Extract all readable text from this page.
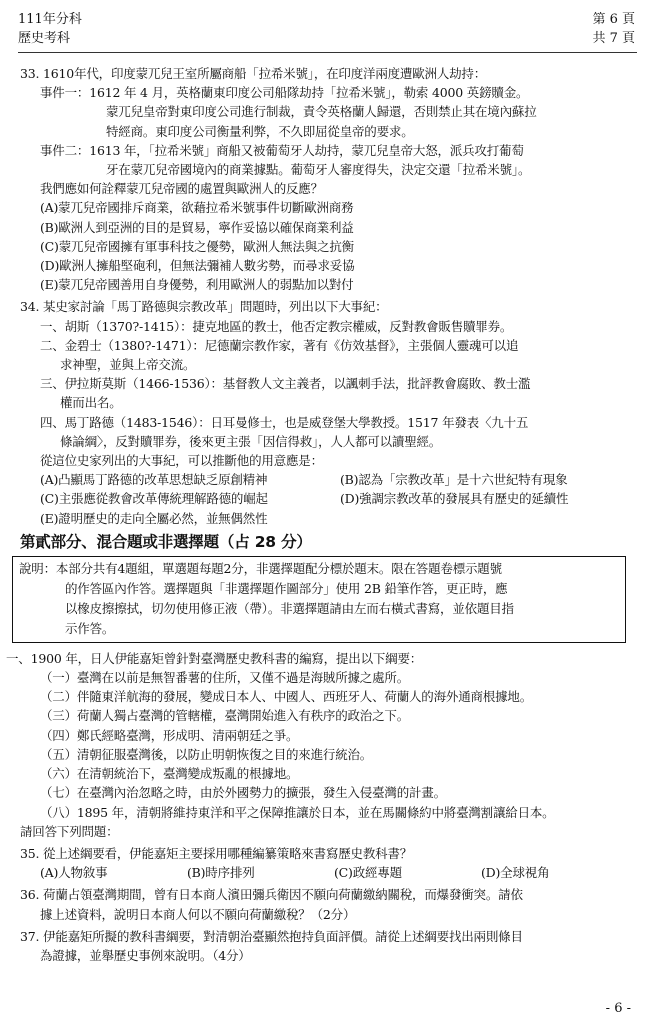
111年分科
歷史考科
第 6 頁
共 7 頁
33. 1610年代，印度蒙兀兒王室所屬商船「拉希米號」，在印度洋兩度遭歐洲人劫持：
事件一：1612 年 4 月，英格蘭東印度公司船隊劫持「拉希米號」，勒索 4000 英鎊贖金。
蒙兀兒皇帝對東印度公司進行制裁，責令英格蘭人歸還，否則禁止其在境內蘇拉
特經商。東印度公司衡量利弊，不久即屈從皇帝的要求。
事件二：1613 年，「拉希米號」商船又被葡萄牙人劫持，蒙兀兒皇帝大怒，派兵攻打葡萄
牙在蒙兀兒帝國境內的商業據點。葡萄牙人審度得失，決定交還「拉希米號」。
我們應如何詮釋蒙兀兒帝國的處置與歐洲人的反應？
(A)蒙兀兒帝國排斥商業，欲藉拉希米號事件切斷歐洲商務
(B)歐洲人到亞洲的目的是貿易，寧作妥協以確保商業利益
(C)蒙兀兒帝國擁有軍事科技之優勢，歐洲人無法與之抗衡
(D)歐洲人擁船堅砲利，但無法彌補人數劣勢，而尋求妥協
(E)蒙兀兒帝國善用自身優勢，利用歐洲人的弱點加以對付
34. 某史家討論「馬丁路德與宗教改革」問題時，列出以下大事紀：
一、胡斯（1370?-1415）：捷克地區的教士，他否定教宗權威，反對教會販售贖罪券。
二、金碧士（1380?-1471）：尼德蘭宗教作家，著有《仿效基督》，主張個人靈魂可以追
求神聖，並與上帝交流。
三、伊拉斯莫斯（1466-1536）：基督教人文主義者，以諷刺手法，批評教會腐敗、教士濫
權而出名。
四、馬丁路德（1483-1546）：日耳曼修士，也是威登堡大學教授。1517 年發表〈九十五
條論綱〉，反對贖罪券，後來更主張「因信得救」，人人都可以讀聖經。
從這位史家列出的大事紀，可以推斷他的用意應是：
(A)凸顯馬丁路德的改革思想缺乏原創精神	(B)認為「宗教改革」是十六世紀特有現象
(C)主張應從教會改革傳統理解路德的崛起	(D)強調宗教改革的發展具有歷史的延續性
(E)證明歷史的走向全屬必然，並無偶然性
第貳部分、混合題或非選擇題（占 28 分）
說明：本部分共有4題組，單選題每題2分，非選擇題配分標於題末。限在答題卷標示題號
的作答區內作答。選擇題與「非選擇題作圖部分」使用 2B 鉛筆作答，更正時，應
以橡皮擦擦拭，切勿使用修正液（帶）。非選擇題請由左而右橫式書寫，並依題目指
示作答。
一、1900 年，日人伊能嘉矩曾針對臺灣歷史教科書的編寫，提出以下綱要：
（一）臺灣在以前是無智番薯的住所，又僅不過是海賊所據之處所。
（二）伴隨東洋航海的發展，變成日本人、中國人、西班牙人、荷蘭人的海外通商根據地。
（三）荷蘭人獨占臺灣的管轄權，臺灣開始進入有秩序的政治之下。
（四）鄭氏經略臺灣，形成明、清兩朝廷之爭。
（五）清朝征服臺灣後，以防止明朝恢復之目的來進行統治。
（六）在清朝統治下，臺灣變成叛亂的根據地。
（七）在臺灣內治忽略之時，由於外國勢力的擴張，發生入侵臺灣的計畫。
（八）1895 年，清朝將維持東洋和平之保障推讓於日本，並在馬關條約中將臺灣割讓給日本。
請回答下列問題：
35. 從上述綱要看，伊能嘉矩主要採用哪種編纂策略來書寫歷史教科書？
(A)人物敘事	(B)時序排列	(C)政經專題	(D)全球視角
36. 荷蘭占領臺灣期間，曾有日本商人濱田彌兵衛因不願向荷蘭繳納關稅，而爆發衝突。請依
據上述資料，說明日本商人何以不願向荷蘭繳稅？（2分）
37. 伊能嘉矩所擬的教科書綱要，對清朝治臺顯然抱持負面評價。請從上述綱要找出兩則條目
為證據，並舉歷史事例來說明。（4分）
- 6 -
